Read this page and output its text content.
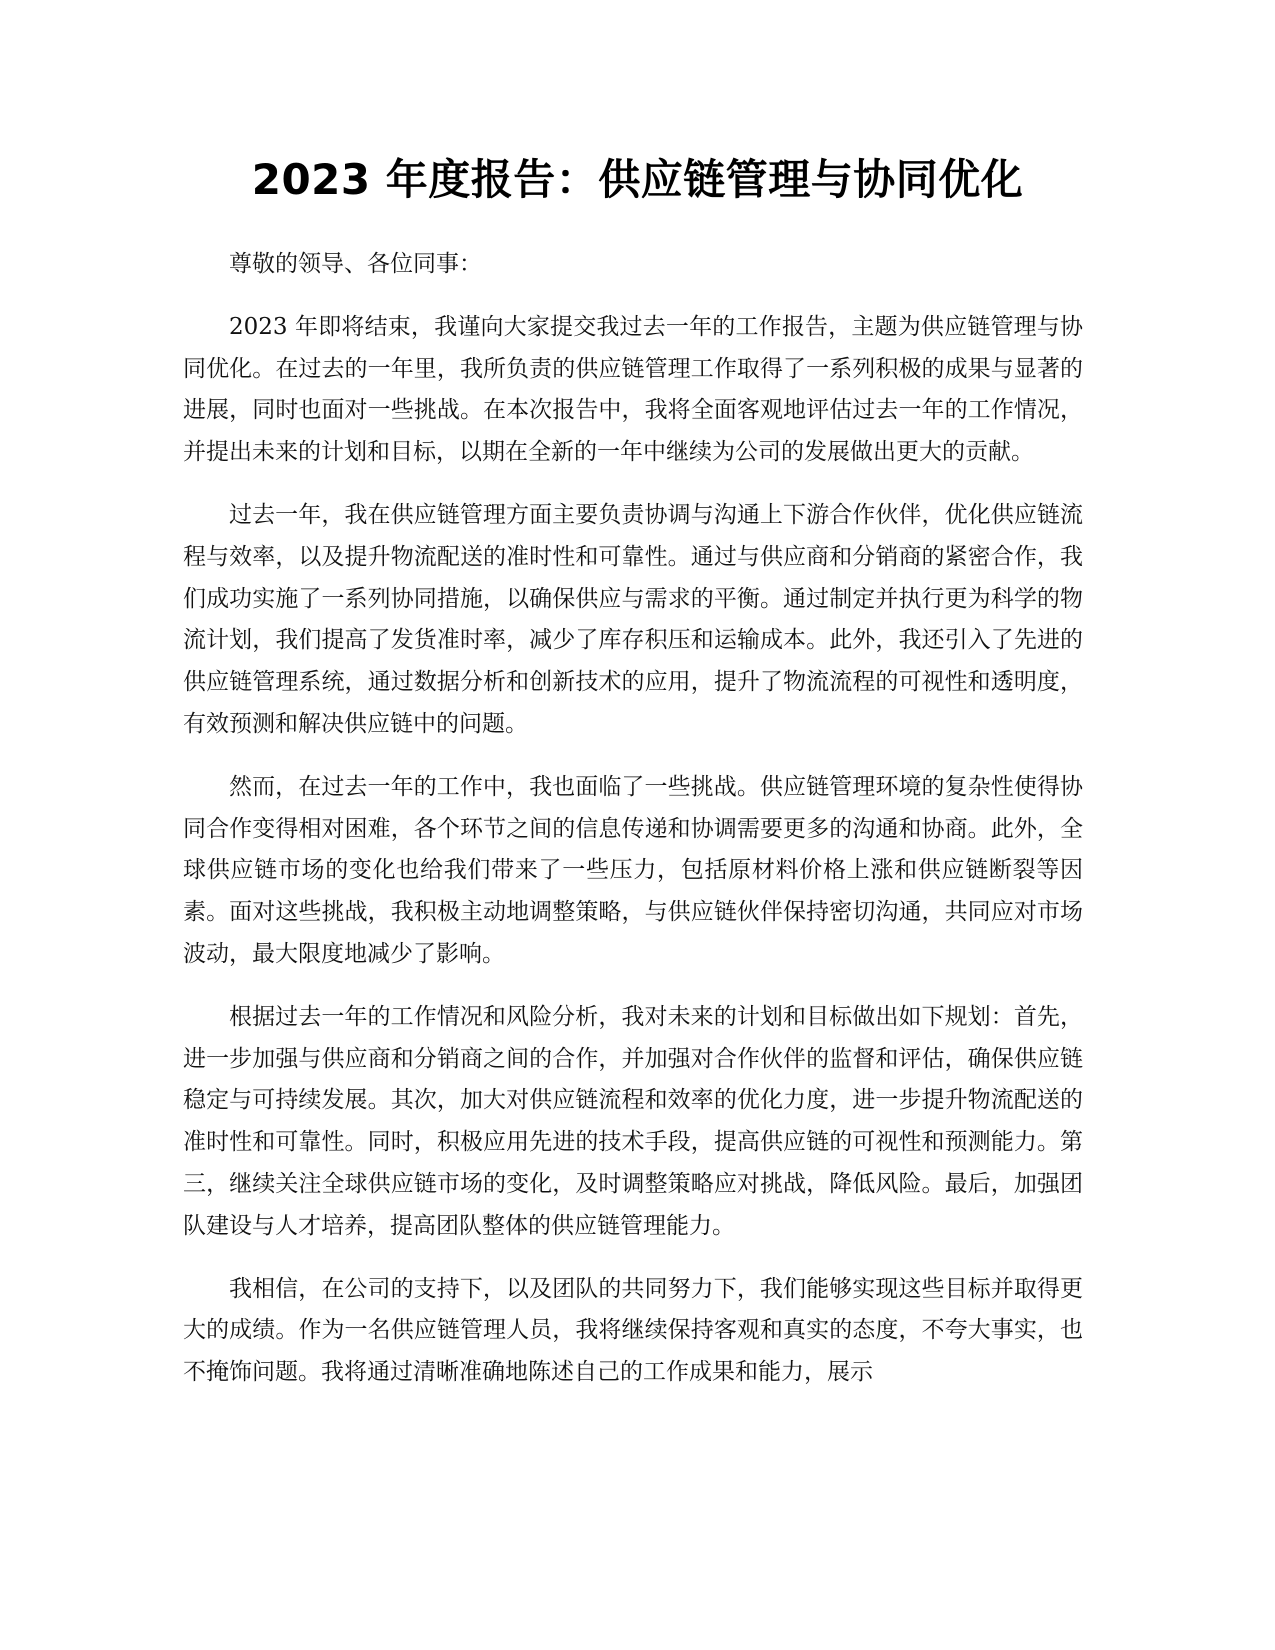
2023 年度报告：供应链管理与协同优化

尊敬的领导、各位同事：

2023 年即将结束，我谨向大家提交我过去一年的工作报告，主题为供应链管理与协同优化。在过去的一年里，我所负责的供应链管理工作取得了一系列积极的成果与显著的进展，同时也面对一些挑战。在本次报告中，我将全面客观地评估过去一年的工作情况，并提出未来的计划和目标，以期在全新的一年中继续为公司的发展做出更大的贡献。

过去一年，我在供应链管理方面主要负责协调与沟通上下游合作伙伴，优化供应链流程与效率，以及提升物流配送的准时性和可靠性。通过与供应商和分销商的紧密合作，我们成功实施了一系列协同措施，以确保供应与需求的平衡。通过制定并执行更为科学的物流计划，我们提高了发货准时率，减少了库存积压和运输成本。此外，我还引入了先进的供应链管理系统，通过数据分析和创新技术的应用，提升了物流流程的可视性和透明度，有效预测和解决供应链中的问题。

然而，在过去一年的工作中，我也面临了一些挑战。供应链管理环境的复杂性使得协同合作变得相对困难，各个环节之间的信息传递和协调需要更多的沟通和协商。此外，全球供应链市场的变化也给我们带来了一些压力，包括原材料价格上涨和供应链断裂等因素。面对这些挑战，我积极主动地调整策略，与供应链伙伴保持密切沟通，共同应对市场波动，最大限度地减少了影响。

根据过去一年的工作情况和风险分析，我对未来的计划和目标做出如下规划：首先，进一步加强与供应商和分销商之间的合作，并加强对合作伙伴的监督和评估，确保供应链稳定与可持续发展。其次，加大对供应链流程和效率的优化力度，进一步提升物流配送的准时性和可靠性。同时，积极应用先进的技术手段，提高供应链的可视性和预测能力。第三，继续关注全球供应链市场的变化，及时调整策略应对挑战，降低风险。最后，加强团队建设与人才培养，提高团队整体的供应链管理能力。

我相信，在公司的支持下，以及团队的共同努力下，我们能够实现这些目标并取得更大的成绩。作为一名供应链管理人员，我将继续保持客观和真实的态度，不夸大事实，也不掩饰问题。我将通过清晰准确地陈述自己的工作成果和能力，展示
